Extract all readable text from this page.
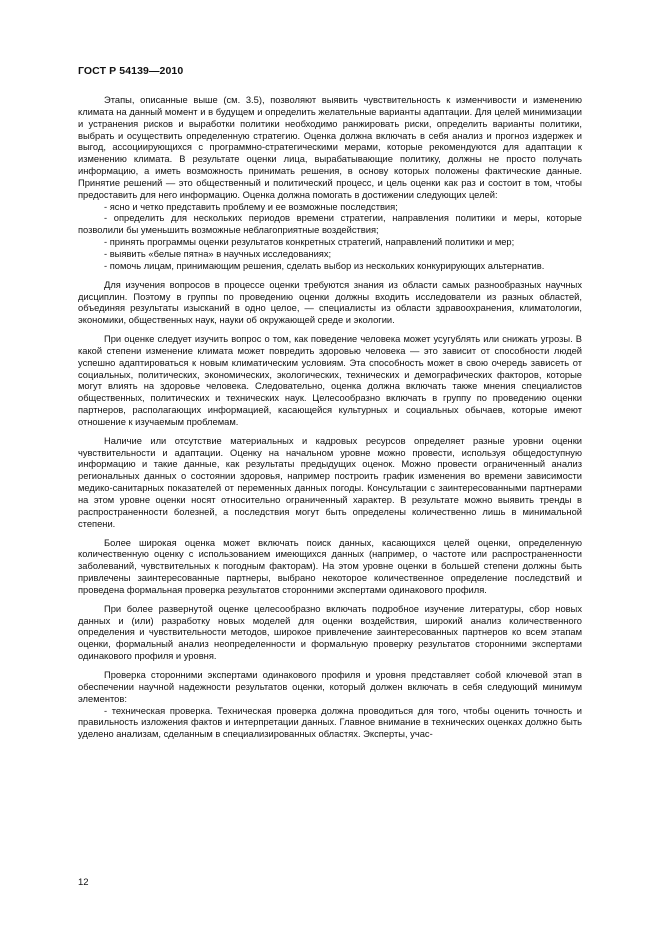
ГОСТ Р 54139—2010

Этапы, описанные выше (см. 3.5), позволяют выявить чувствительность к изменчивости и изменению климата на данный момент и в будущем и определить желательные варианты адаптации. Для целей минимизации и устранения рисков и выработки политики необходимо ранжировать риски, определить варианты политики, выбрать и осуществить определенную стратегию. Оценка должна включать в себя анализ и прогноз издержек и выгод, ассоциирующихся с программно-стратегическими мерами, которые рекомендуются для адаптации к изменению климата. В результате оценки лица, вырабатывающие политику, должны не просто получать информацию, а иметь возможность принимать решения, в основу которых положены фактические данные. Принятие решений — это общественный и политический процесс, и цель оценки как раз и состоит в том, чтобы предоставить для него информацию. Оценка должна помогать в достижении следующих целей:

- ясно и четко представить проблему и ее возможные последствия;

- определить для нескольких периодов времени стратегии, направления политики и меры, которые позволили бы уменьшить возможные неблагоприятные воздействия;

- принять программы оценки результатов конкретных стратегий, направлений политики и мер;

- выявить «белые пятна» в научных исследованиях;

- помочь лицам, принимающим решения, сделать выбор из нескольких конкурирующих альтернатив.

Для изучения вопросов в процессе оценки требуются знания из области самых разнообразных научных дисциплин. Поэтому в группы по проведению оценки должны входить исследователи из разных областей, объединяя результаты изысканий в одно целое, — специалисты из области здравоохранения, климатологии, экономики, общественных наук, науки об окружающей среде и экологии.

При оценке следует изучить вопрос о том, как поведение человека может усугублять или снижать угрозы. В какой степени изменение климата может повредить здоровью человека — это зависит от способности людей успешно адаптироваться к новым климатическим условиям. Эта способность может в свою очередь зависеть от социальных, политических, экономических, экологических, технических и демографических факторов, которые могут влиять на здоровье человека. Следовательно, оценка должна включать также мнения специалистов общественных, политических и технических наук. Целесообразно включать в группу по проведению оценки партнеров, располагающих информацией, касающейся культурных и социальных обычаев, которые имеют отношение к изучаемым проблемам.

Наличие или отсутствие материальных и кадровых ресурсов определяет разные уровни оценки чувствительности и адаптации. Оценку на начальном уровне можно провести, используя общедоступную информацию и такие данные, как результаты предыдущих оценок. Можно провести ограниченный анализ региональных данных о состоянии здоровья, например построить график изменения во времени зависимости медико-санитарных показателей от переменных данных погоды. Консультации с заинтересованными партнерами на этом уровне оценки носят относительно ограниченный характер. В результате можно выявить тренды в распространенности болезней, а последствия могут быть определены количественно лишь в минимальной степени.

Более широкая оценка может включать поиск данных, касающихся целей оценки, определенную количественную оценку с использованием имеющихся данных (например, о частоте или распространенности заболеваний, чувствительных к погодным факторам). На этом уровне оценки в большей степени должны быть привлечены заинтересованные партнеры, выбрано некоторое количественное определение последствий и проведена формальная проверка результатов сторонними экспертами одинакового профиля.

При более развернутой оценке целесообразно включать подробное изучение литературы, сбор новых данных и (или) разработку новых моделей для оценки воздействия, широкий анализ количественного определения и чувствительности методов, широкое привлечение заинтересованных партнеров ко всем этапам оценки, формальный анализ неопределенности и формальную проверку результатов сторонними экспертами одинакового профиля и уровня.

Проверка сторонними экспертами одинакового профиля и уровня представляет собой ключевой этап в обеспечении научной надежности результатов оценки, который должен включать в себя следующий минимум элементов:

- техническая проверка. Техническая проверка должна проводиться для того, чтобы оценить точность и правильность изложения фактов и интерпретации данных. Главное внимание в технических оценках должно быть уделено анализам, сделанным в специализированных областях. Эксперты, учас-

12
